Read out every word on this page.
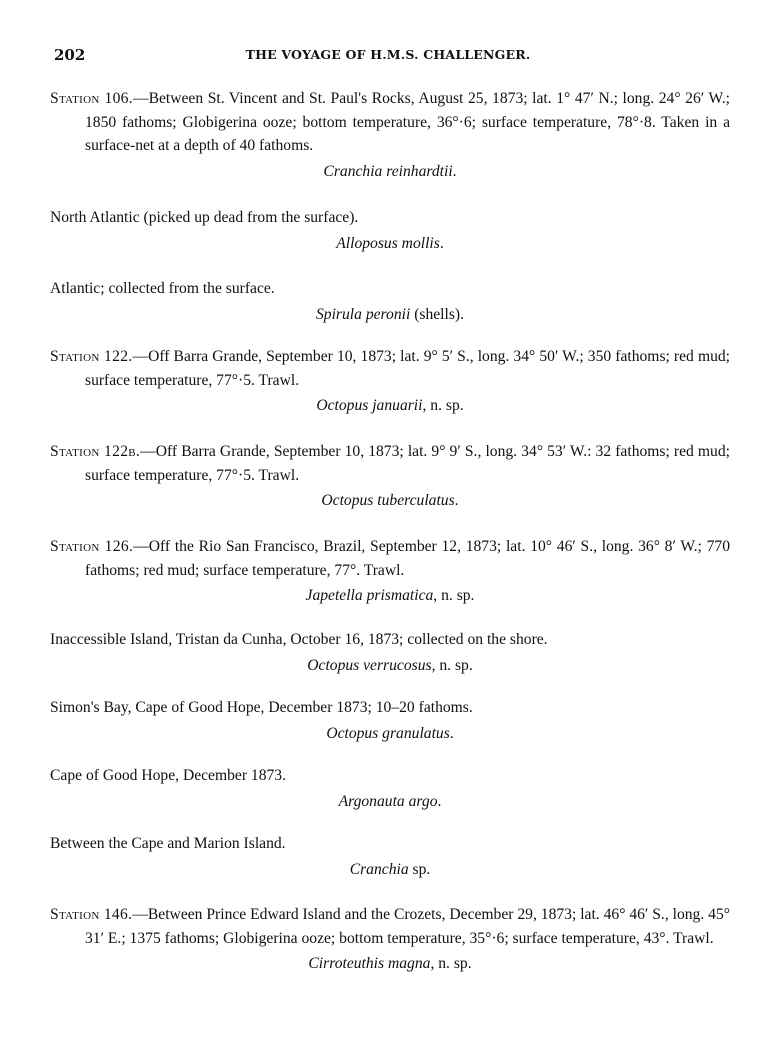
202	THE VOYAGE OF H.M.S. CHALLENGER.

Station 106.—Between St. Vincent and St. Paul's Rocks, August 25, 1873; lat. 1° 47′ N.; long. 24° 26′ W.; 1850 fathoms; Globigerina ooze; bottom temperature, 36°·6; surface temperature, 78°·8. Taken in a surface-net at a depth of 40 fathoms.

Cranchia reinhardtii.

North Atlantic (picked up dead from the surface).

Alloposus mollis.

Atlantic; collected from the surface.

Spirula peronii (shells).

Station 122.—Off Barra Grande, September 10, 1873; lat. 9° 5′ S., long. 34° 50′ W.; 350 fathoms; red mud; surface temperature, 77°·5. Trawl.

Octopus januarii, n. sp.

Station 122b.—Off Barra Grande, September 10, 1873; lat. 9° 9′ S., long. 34° 53′ W.: 32 fathoms; red mud; surface temperature, 77°·5. Trawl.

Octopus tuberculatus.

Station 126.—Off the Rio San Francisco, Brazil, September 12, 1873; lat. 10° 46′ S., long. 36° 8′ W.; 770 fathoms; red mud; surface temperature, 77°. Trawl.

Japetella prismatica, n. sp.

Inaccessible Island, Tristan da Cunha, October 16, 1873; collected on the shore.

Octopus verrucosus, n. sp.

Simon's Bay, Cape of Good Hope, December 1873; 10–20 fathoms.

Octopus granulatus.

Cape of Good Hope, December 1873.

Argonauta argo.

Between the Cape and Marion Island.

Cranchia sp.

Station 146.—Between Prince Edward Island and the Crozets, December 29, 1873; lat. 46° 46′ S., long. 45° 31′ E.; 1375 fathoms; Globigerina ooze; bottom temperature, 35°·6; surface temperature, 43°. Trawl.

Cirroteuthis magna, n. sp.
